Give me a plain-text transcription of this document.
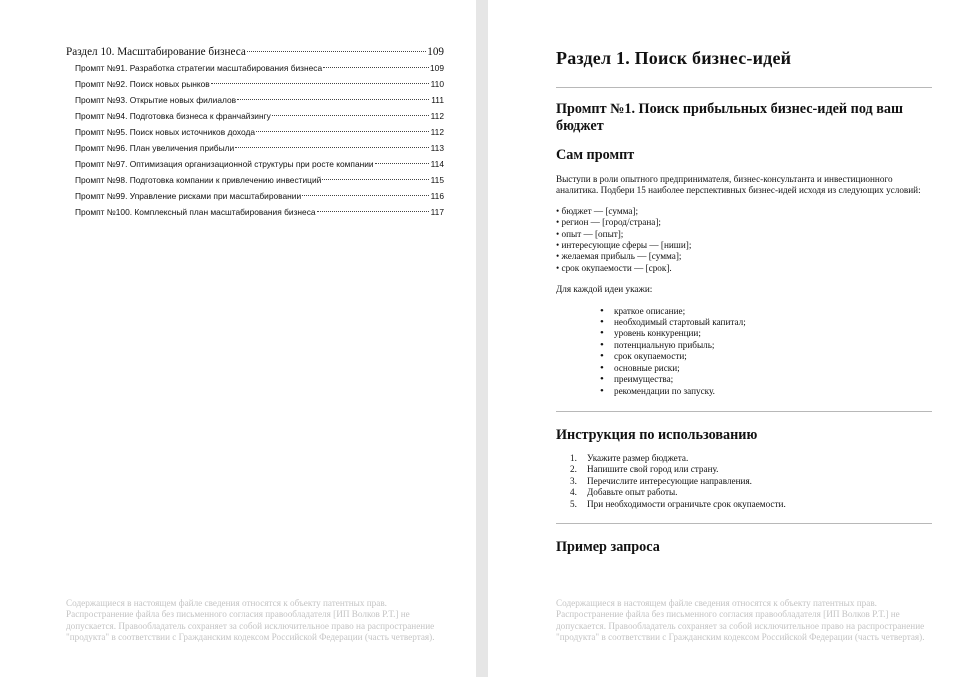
Раздел 10. Масштабирование бизнеса	109
Промпт №91. Разработка стратегии масштабирования бизнеса	109
Промпт №92. Поиск новых рынков	110
Промпт №93. Открытие новых филиалов	111
Промпт №94. Подготовка бизнеса к франчайзингу	112
Промпт №95. Поиск новых источников дохода	112
Промпт №96. План увеличения прибыли	113
Промпт №97. Оптимизация организационной структуры при росте компании	114
Промпт №98. Подготовка компании к привлечению инвестиций	115
Промпт №99. Управление рисками при масштабировании	116
Промпт №100. Комплексный план масштабирования бизнеса	117
Содержащиеся в настоящем файле сведения относятся к объекту патентных прав.
Распространение файла без письменного согласия правообладателя [ИП Волков Р.Т.] не
допускается. Правообладатель сохраняет за собой исключительное право на распространение
"продукта" в соответствии с Гражданским кодексом Российской Федерации (часть четвертая).
Раздел 1. Поиск бизнес-идей
Промпт №1. Поиск прибыльных бизнес-идей под ваш бюджет
Сам промпт

Выступи в роли опытного предпринимателя, бизнес-консультанта и инвестиционного аналитика. Подбери 15 наиболее перспективных бизнес-идей исходя из следующих условий:

• бюджет — [сумма];
• регион — [город/страна];
• опыт — [опыт];
• интересующие сферы — [ниши];
• желаемая прибыль — [сумма];
• срок окупаемости — [срок].

Для каждой идеи укажи:

• краткое описание;
• необходимый стартовый капитал;
• уровень конкуренции;
• потенциальную прибыль;
• срок окупаемости;
• основные риски;
• преимущества;
• рекомендации по запуску.
Инструкция по использованию
1.	Укажите размер бюджета.
2.	Напишите свой город или страну.
3.	Перечислите интересующие направления.
4.	Добавьте опыт работы.
5.	При необходимости ограничьте срок окупаемости.
Пример запроса
Содержащиеся в настоящем файле сведения относятся к объекту патентных прав.
Распространение файла без письменного согласия правообладателя [ИП Волков Р.Т.] не
допускается. Правообладатель сохраняет за собой исключительное право на распространение
"продукта" в соответствии с Гражданским кодексом Российской Федерации (часть четвертая).
